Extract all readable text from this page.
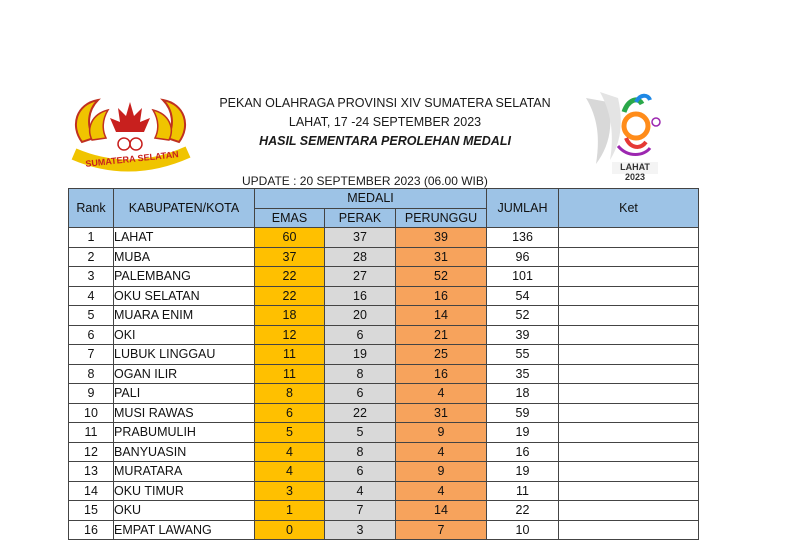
SUMATERA SELATAN
PEKAN OLAHRAGA PROVINSI XIV SUMATERA SELATAN
LAHAT, 17 -24 SEPTEMBER 2023
HASIL SEMENTARA PEROLEHAN MEDALI
LAHAT 2023
UPDATE : 20 SEPTEMBER 2023 (06.00 WIB)
Rank	KABUPATEN/KOTA	MEDALI			JUMLAH	Ket
		EMAS	PERAK	PERUNGGU		
1	LAHAT	60	37	39	136	
2	MUBA	37	28	31	96	
3	PALEMBANG	22	27	52	101	
4	OKU SELATAN	22	16	16	54	
5	MUARA ENIM	18	20	14	52	
6	OKI	12	6	21	39	
7	LUBUK LINGGAU	11	19	25	55	
8	OGAN ILIR	11	8	16	35	
9	PALI	8	6	4	18	
10	MUSI RAWAS	6	22	31	59	
11	PRABUMULIH	5	5	9	19	
12	BANYUASIN	4	8	4	16	
13	MURATARA	4	6	9	19	
14	OKU TIMUR	3	4	4	11	
15	OKU	1	7	14	22	
16	EMPAT LAWANG	0	3	7	10	
